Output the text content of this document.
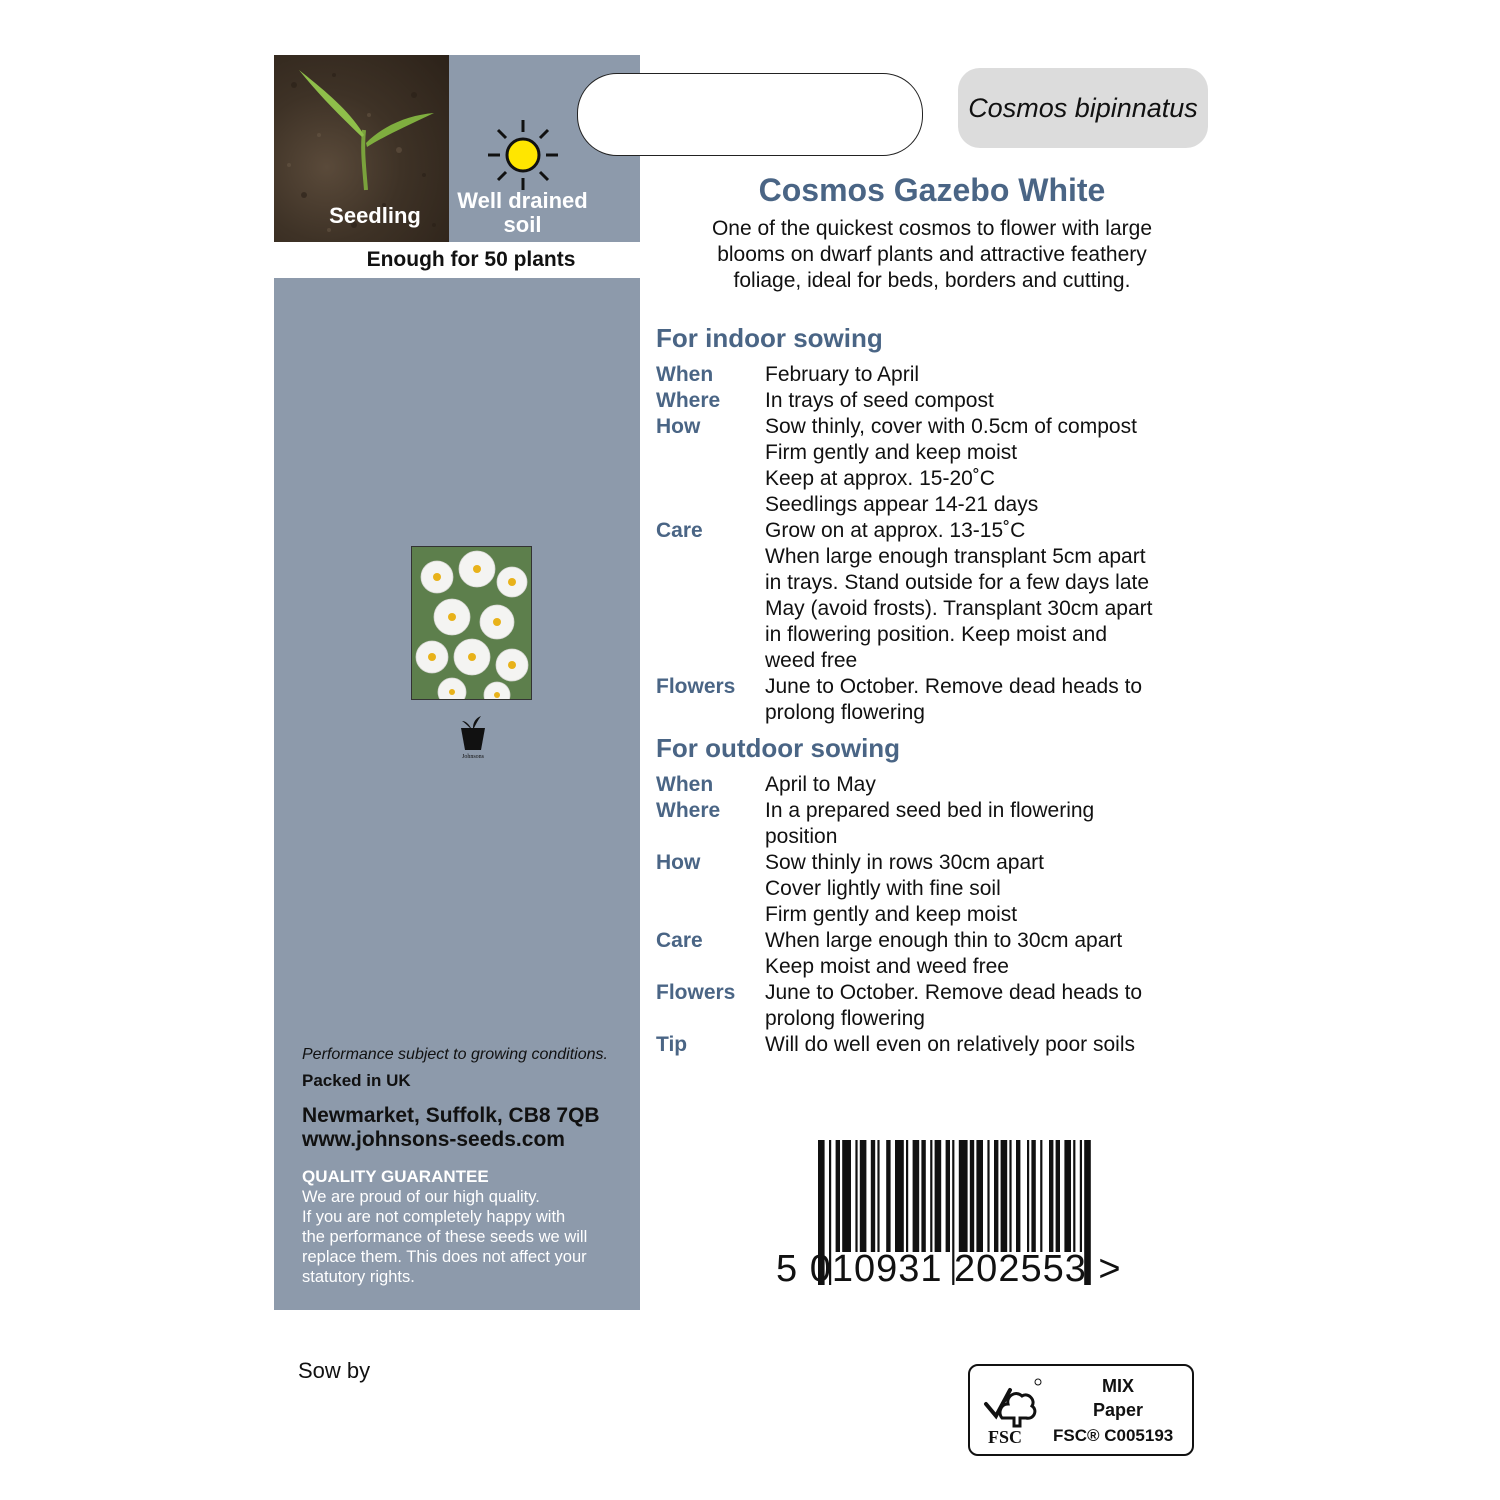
Seedling
Well drained
soil
Enough for 50 plants
Johnsons
Performance subject to growing conditions.
Packed in UK
Newmarket, Suffolk, CB8 7QB
www.johnsons-seeds.com
QUALITY GUARANTEE
We are proud of our high quality.
If you are not completely happy with
the performance of these seeds we will
replace them. This does not affect your
statutory rights.
Cosmos bipinnatus
Cosmos Gazebo White
One of the quickest cosmos to flower with large
blooms on dwarf plants and attractive feathery
foliage, ideal for beds, borders and cutting.
For indoor sowing
When	February to April
Where	In trays of seed compost
How	Sow thinly, cover with 0.5cm of compost
Firm gently and keep moist
Keep at approx. 15-20˚C
Seedlings appear 14-21 days
Care	Grow on at approx. 13-15˚C
When large enough transplant 5cm apart
in trays. Stand outside for a few days late
May (avoid frosts). Transplant 30cm apart
in flowering position. Keep moist and
weed free
Flowers	June to October. Remove dead heads to
prolong flowering
For outdoor sowing
When	April to May
Where	In a prepared seed bed in flowering
position
How	Sow thinly in rows 30cm apart
Cover lightly with fine soil
Firm gently and keep moist
Care	When large enough thin to 30cm apart
Keep moist and weed free
Flowers	June to October. Remove dead heads to
prolong flowering
Tip	Will do well even on relatively poor soils
5 010931 202553 >
Sow by
FSC
MIX
Paper
FSC® C005193
